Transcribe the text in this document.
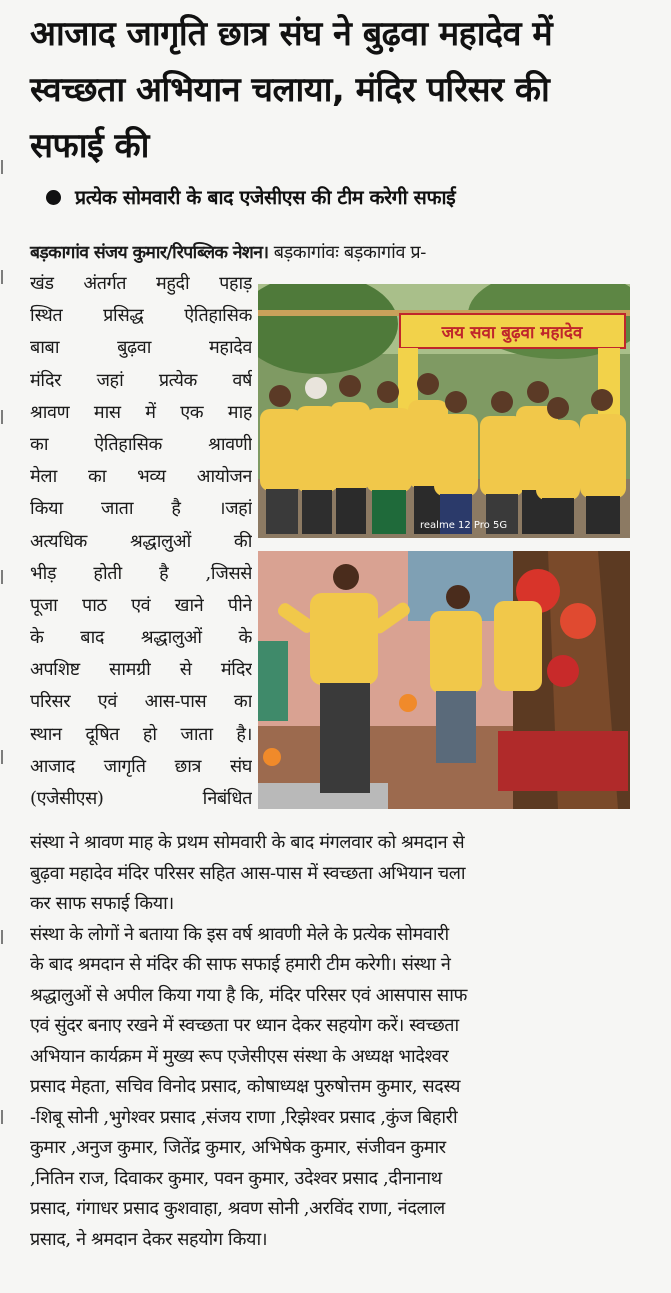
आजाद जागृति छात्र संघ ने बुढ़वा महादेव में
स्वच्छता अभियान चलाया, मंदिर परिसर की
सफाई की
प्रत्येक सोमवारी के बाद एजेसीएस की टीम करेगी सफाई
बड़कागांव संजय कुमार/रिपब्लिक नेशन। बड़कागांवः बड़कागांव प्र-
खंड अंतर्गत महुदी पहाड़
स्थित प्रसिद्ध ऐतिहासिक
बाबा बुढ़वा महादेव
मंदिर जहां प्रत्येक वर्ष
श्रावण मास में एक माह
का ऐतिहासिक श्रावणी
मेला का भव्य आयोजन
किया जाता है ।जहां
अत्यधिक श्रद्धालुओं की
भीड़ होती है ,जिससे
पूजा पाठ एवं खाने पीने
के बाद श्रद्धालुओं के
अपशिष्ट सामग्री से मंदिर
परिसर एवं आस-पास का
स्थान दूषित हो जाता है।
आजाद जागृति छात्र संघ
(एजेसीएस) निबंधित
जय सवा बुढ़वा महादेव
realme 12 Pro 5G
संस्था ने श्रावण माह के प्रथम सोमवारी के बाद मंगलवार को श्रमदान से
बुढ़वा महादेव मंदिर परिसर सहित आस-पास में स्वच्छता अभियान चला
कर साफ सफाई किया।
संस्था के लोगों ने बताया कि इस वर्ष श्रावणी मेले के प्रत्येक सोमवारी
के बाद श्रमदान से मंदिर की साफ सफाई हमारी टीम करेगी। संस्था ने
श्रद्धालुओं से अपील किया गया है कि, मंदिर परिसर एवं आसपास साफ
एवं सुंदर बनाए रखने में स्वच्छता पर ध्यान देकर सहयोग करें। स्वच्छता
अभियान कार्यक्रम में मुख्य रूप एजेसीएस संस्था के अध्यक्ष भादेश्वर
प्रसाद मेहता, सचिव विनोद प्रसाद, कोषाध्यक्ष पुरुषोत्तम कुमार, सदस्य
-शिबू सोनी ,भुगेश्वर प्रसाद ,संजय राणा ,रिझेश्वर प्रसाद ,कुंज बिहारी
कुमार ,अनुज कुमार, जितेंद्र कुमार, अभिषेक कुमार, संजीवन कुमार
,नितिन राज, दिवाकर कुमार, पवन कुमार, उदेश्वर प्रसाद ,दीनानाथ
प्रसाद, गंगाधर प्रसाद कुशवाहा, श्रवण सोनी ,अरविंद राणा, नंदलाल
प्रसाद, ने श्रमदान देकर सहयोग किया।
